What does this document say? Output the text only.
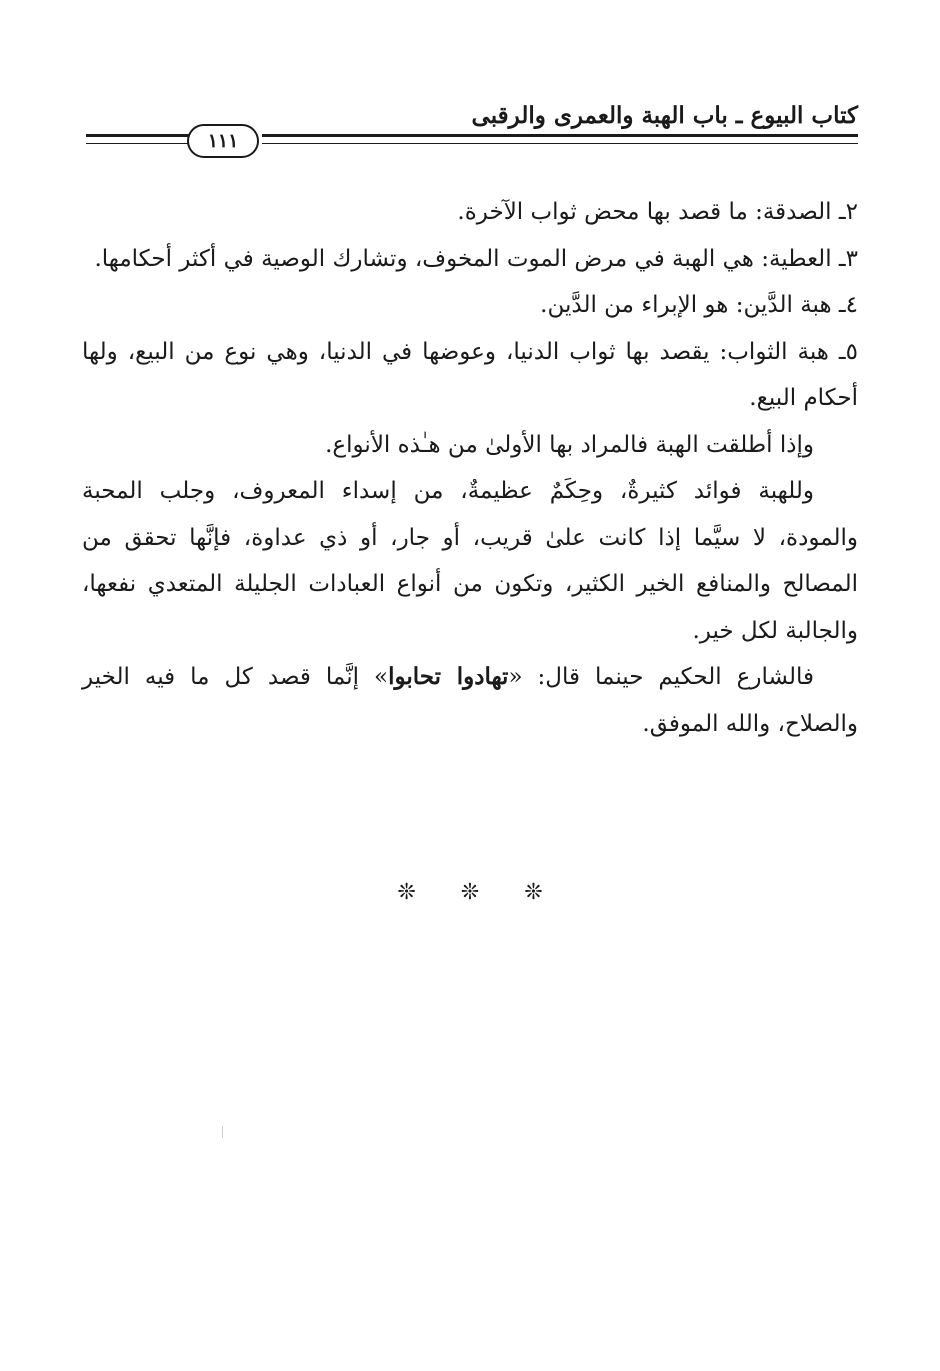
كتاب البيوع ـ باب الهبة والعمرى والرقبى
١١١

٢ـ الصدقة: ما قصد بها محض ثواب الآخرة.

٣ـ العطية: هي الهبة في مرض الموت المخوف، وتشارك الوصية في أكثر أحكامها.

٤ـ هبة الدَّين: هو الإبراء من الدَّين.

٥ـ هبة الثواب: يقصد بها ثواب الدنيا، وعوضها في الدنيا، وهي نوع من البيع، ولها أحكام البيع.

وإذا أطلقت الهبة فالمراد بها الأولىٰ من هـٰذه الأنواع.

وللهبة فوائد كثيرةٌ، وحِكَمٌ عظيمةٌ، من إسداء المعروف، وجلب المحبة والمودة، لا سيَّما إذا كانت علىٰ قريب، أو جار، أو ذي عداوة، فإنَّها تحقق من المصالح والمنافع الخير الكثير، وتكون من أنواع العبادات الجليلة المتعدي نفعها، والجالبة لكل خير.

فالشارع الحكيم حينما قال: «تهادوا تحابوا» إنَّما قصد كل ما فيه الخير والصلاح، والله الموفق.

❊ ❊ ❊
